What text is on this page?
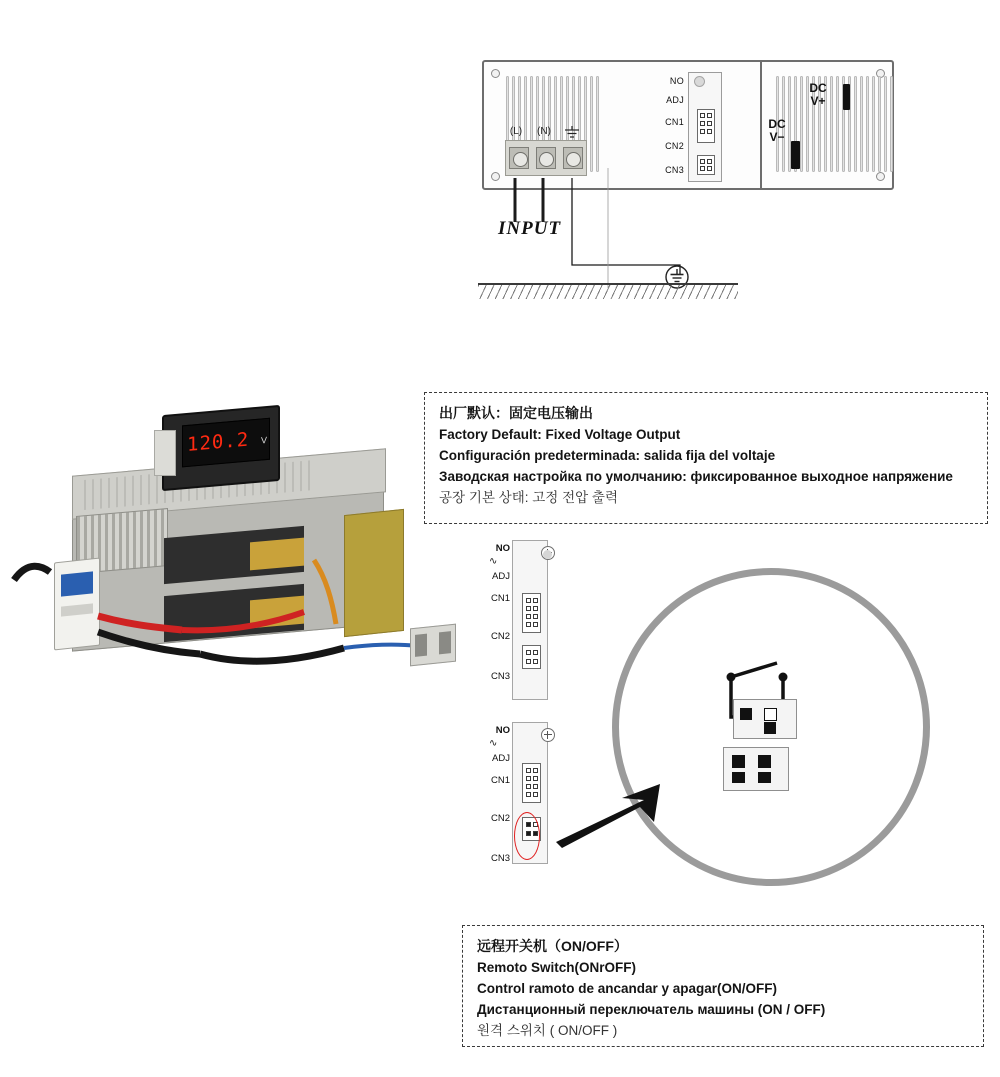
DC
V+
DC
V−
NO
ADJ
CN1
CN2
CN3
(L)	(N)
INPUT
出厂默认：固定电压输出
Factory Default: Fixed Voltage Output
Configuración predeterminada: salida fija del voltaje
Заводская настройка по умолчанию: фиксированное выходное напряжение
공장 기본 상태: 고정 전압 출력
120.2 V
NO
ADJ
CN1
CN2
CN3
∿
NO
ADJ
CN1
CN2
CN3
∿
远程开关机（ON/OFF）
Remoto Switch(ONrOFF)
Control ramoto de ancandar y apagar(ON/OFF)
Дистанционный переключатель машины (ON / OFF)
원격 스위치 ( ON/OFF )
